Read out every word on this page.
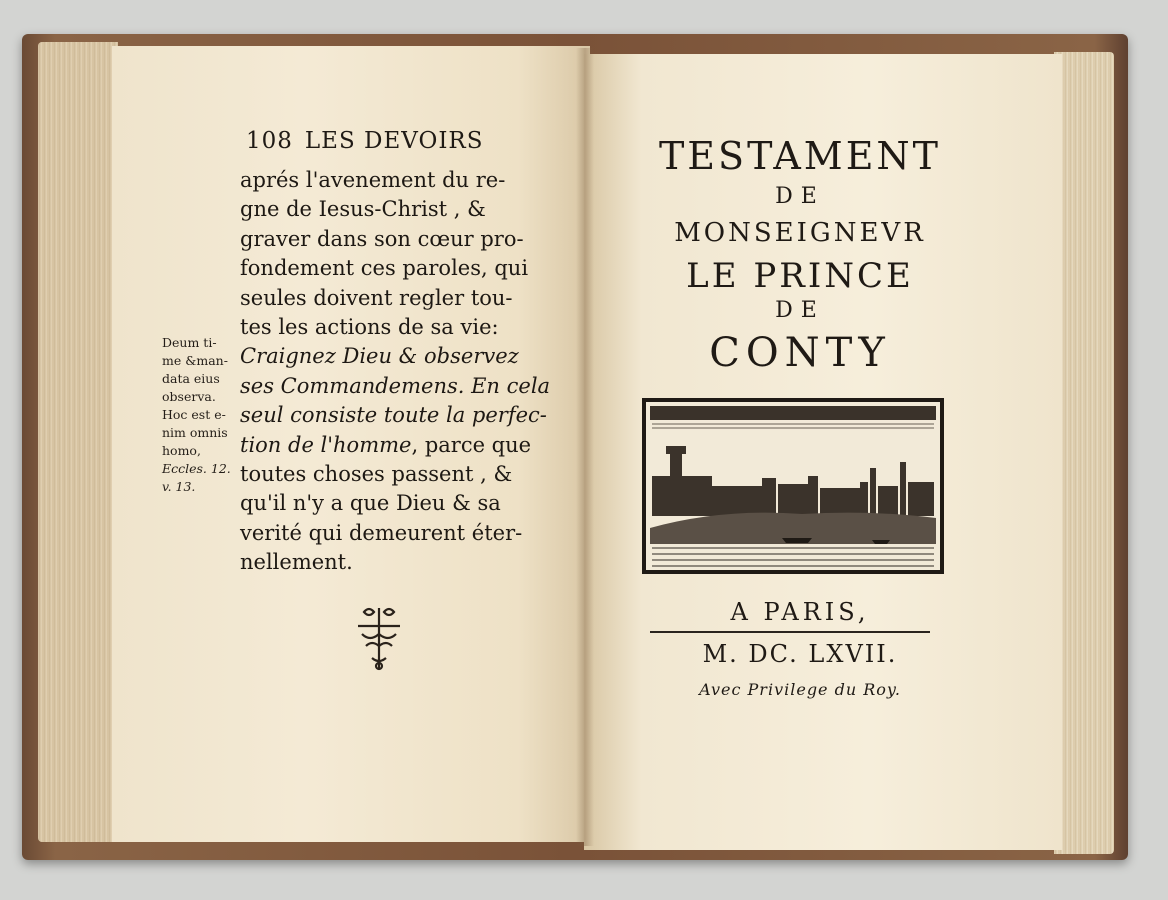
108 LES DEVOIRS
aprés l'avenement du re-
gne de Iesus-Christ , &
graver dans son cœur pro-
fondement ces paroles, qui
seules doivent regler tou-
tes les actions de sa vie:
Craignez Dieu & observez
ses Commandemens. En cela
seul consiste toute la perfec-
tion de l'homme, parce que
toutes choses passent , &
qu'il n'y a que Dieu & sa
verité qui demeurent éter-
nellement.
Deum ti-
me &man-
data eius
observa.
Hoc est e-
nim omnis
homo,
Eccles. 12.
v. 13.
TESTAMENT
DE
MONSEIGNEVR
LE PRINCE
DE
CONTY
A PARIS,
M. DC. LXVII.
Avec Privilege du Roy.
